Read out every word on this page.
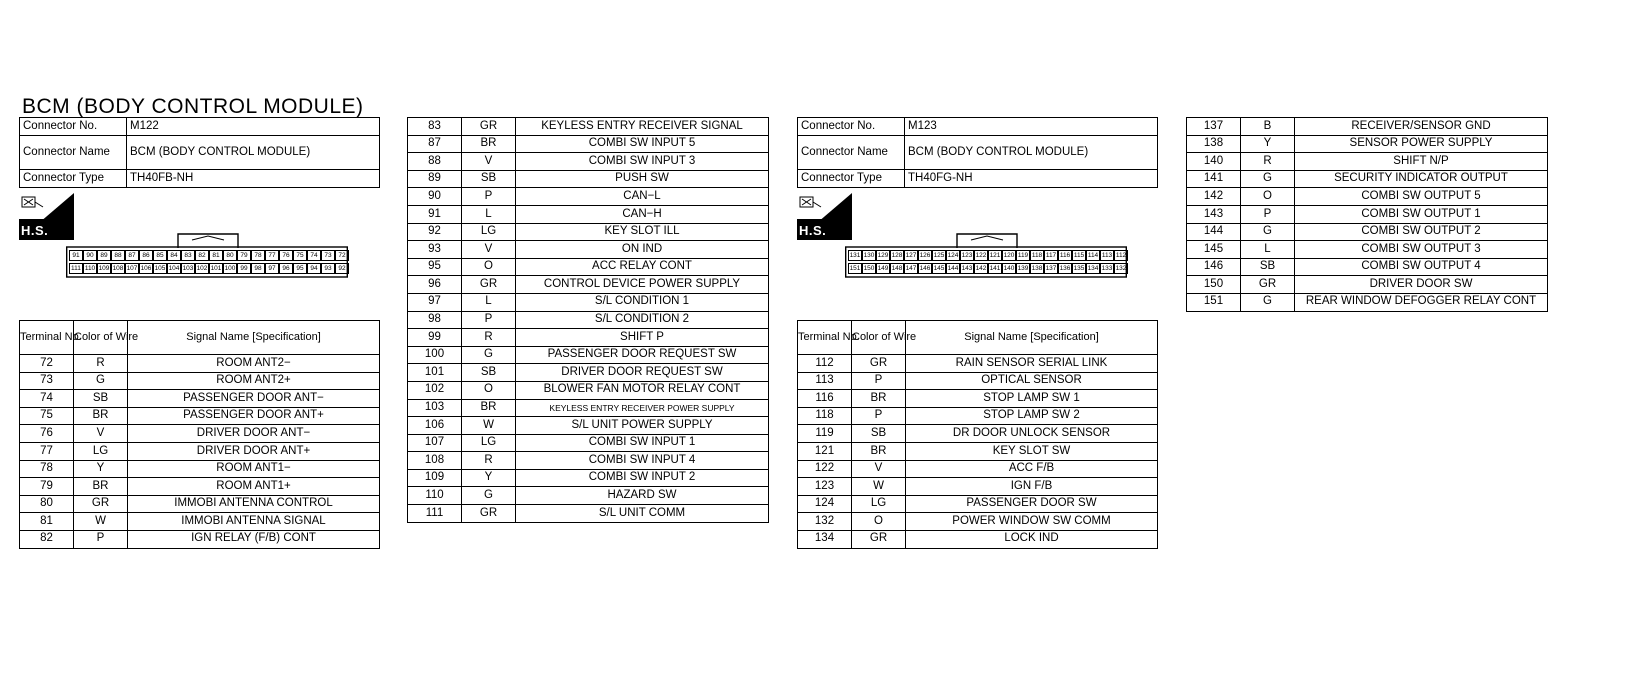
BCM (BODY CONTROL MODULE)
Connector No.	M122
Connector Name	BCM (BODY CONTROL MODULE)
Connector Type	TH40FB-NH
H.S.
91	90	89	88	87	86	85	84	83	82	81	80	79	78	77	76	75	74	73	72
111 110 109 108 107 106 105 104 103 102 101 100 99	98	97	96	95	94	93	92
Terminal No.	Color of Wire	Signal Name [Specification]
72	R	ROOM ANT2−
73	G	ROOM ANT2+
74	SB	PASSENGER DOOR ANT−
75	BR	PASSENGER DOOR ANT+
76	V	DRIVER DOOR ANT−
77	LG	DRIVER DOOR ANT+
78	Y	ROOM ANT1−
79	BR	ROOM ANT1+
80	GR	IMMOBI ANTENNA CONTROL
81	W	IMMOBI ANTENNA SIGNAL
82	P	IGN RELAY (F/B) CONT
83	GR	KEYLESS ENTRY RECEIVER SIGNAL
87	BR	COMBI SW INPUT 5
88	V	COMBI SW INPUT 3
89	SB	PUSH SW
90	P	CAN−L
91	L	CAN−H
92	LG	KEY SLOT ILL
93	V	ON IND
95	O	ACC RELAY CONT
96	GR	CONTROL DEVICE POWER SUPPLY
97	L	S/L CONDITION 1
98	P	S/L CONDITION 2
99	R	SHIFT P
100	G	PASSENGER DOOR REQUEST SW
101	SB	DRIVER DOOR REQUEST SW
102	O	BLOWER FAN MOTOR RELAY CONT
103	BR	KEYLESS ENTRY RECEIVER POWER SUPPLY
106	W	S/L UNIT POWER SUPPLY
107	LG	COMBI SW INPUT 1
108	R	COMBI SW INPUT 4
109	Y	COMBI SW INPUT 2
110	G	HAZARD SW
111	GR	S/L UNIT COMM
Connector No.	M123
Connector Name	BCM (BODY CONTROL MODULE)
Connector Type	TH40FG-NH
H.S.
131 130 129 128 127 126 125 124 123 122 121 120 119 118 117 116 115 114 113 112
151 150 149 148 147 146 145 144 143 142 141 140 139 138 137 136 135 134 133 132
Terminal No.	Color of Wire	Signal Name [Specification]
112	GR	RAIN SENSOR SERIAL LINK
113	P	OPTICAL SENSOR
116	BR	STOP LAMP SW 1
118	P	STOP LAMP SW 2
119	SB	DR DOOR UNLOCK SENSOR
121	BR	KEY SLOT SW
122	V	ACC F/B
123	W	IGN F/B
124	LG	PASSENGER DOOR SW
132	O	POWER WINDOW SW COMM
134	GR	LOCK IND
137	B	RECEIVER/SENSOR GND
138	Y	SENSOR POWER SUPPLY
140	R	SHIFT N/P
141	G	SECURITY INDICATOR OUTPUT
142	O	COMBI SW OUTPUT 5
143	P	COMBI SW OUTPUT 1
144	G	COMBI SW OUTPUT 2
145	L	COMBI SW OUTPUT 3
146	SB	COMBI SW OUTPUT 4
150	GR	DRIVER DOOR SW
151	G	REAR WINDOW DEFOGGER RELAY CONT
